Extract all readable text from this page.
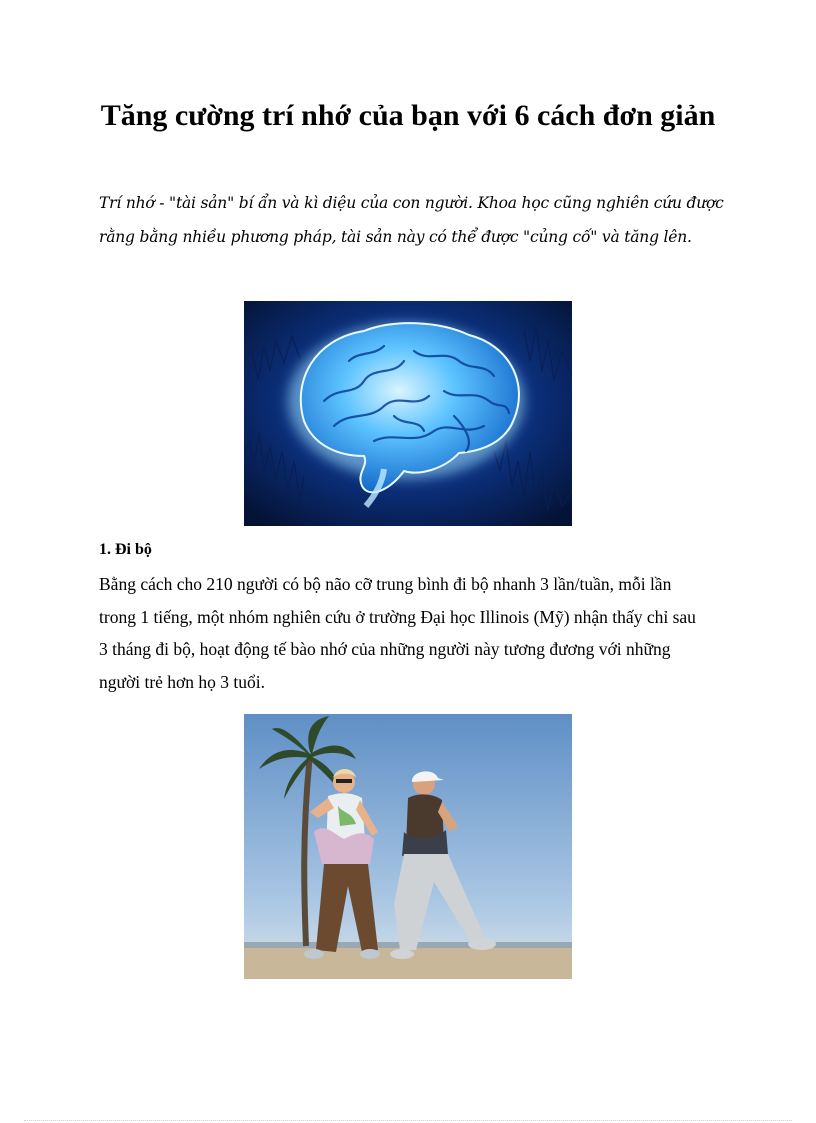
Tăng cường trí nhớ của bạn với 6 cách đơn giản

Trí nhớ - "tài sản" bí ẩn và kì diệu của con người. Khoa học cũng nghiên cứu được rằng bằng nhiều phương pháp, tài sản này có thể được "củng cố" và tăng lên.

1. Đi bộ

Bằng cách cho 210 người có bộ não cỡ trung bình đi bộ nhanh 3 lần/tuần, mỗi lần trong 1 tiếng, một nhóm nghiên cứu ở trường Đại học Illinois (Mỹ) nhận thấy chỉ sau 3 tháng đi bộ, hoạt động tế bào nhớ của những người này tương đương với những người trẻ hơn họ 3 tuổi.
